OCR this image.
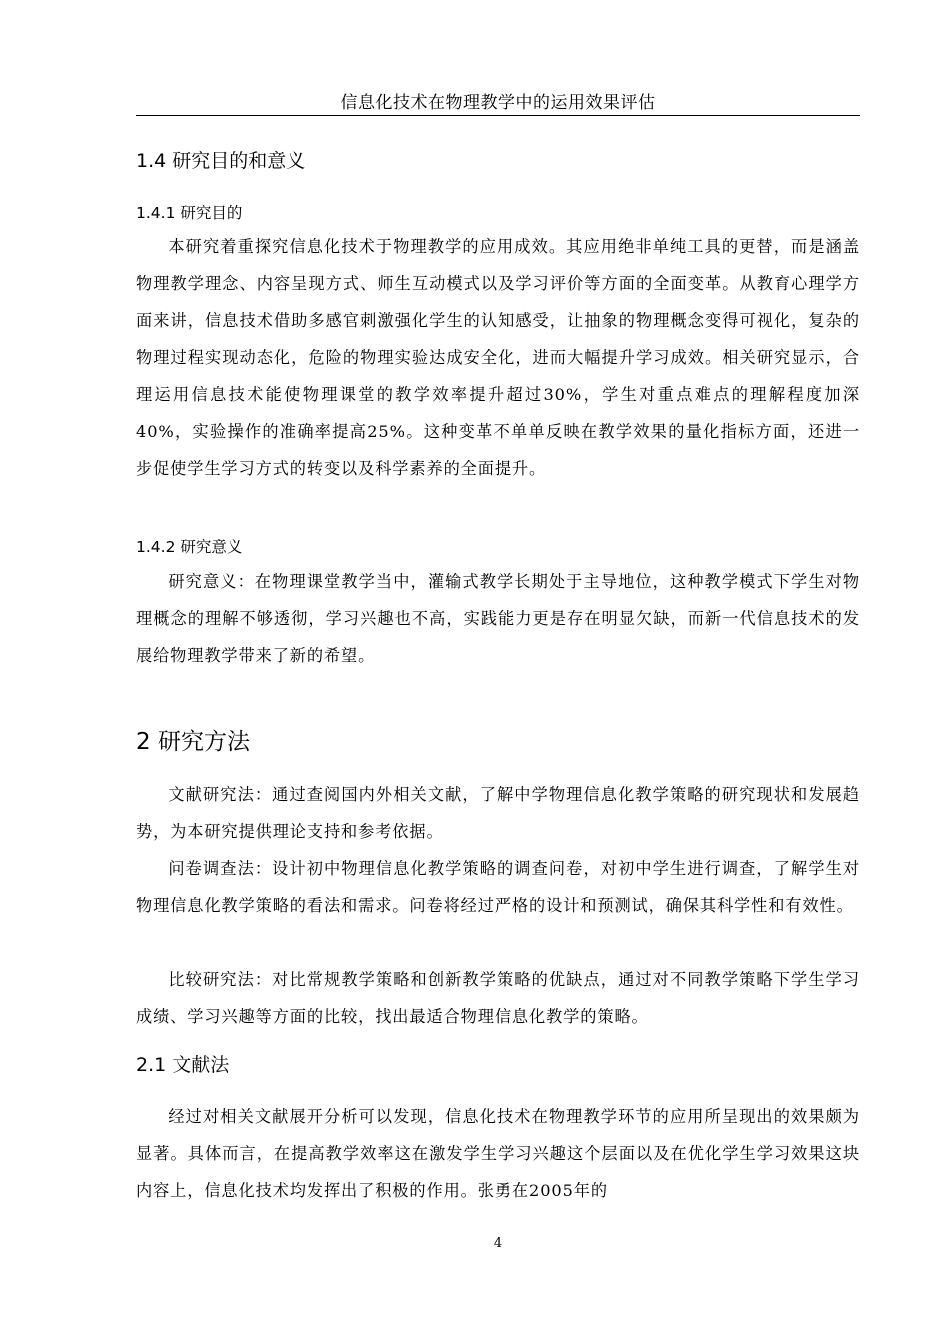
信息化技术在物理教学中的运用效果评估
1.4 研究目的和意义
1.4.1 研究目的

本研究着重探究信息化技术于物理教学的应用成效。其应用绝非单纯工具的更替，而是涵盖物理教学理念、内容呈现方式、师生互动模式以及学习评价等方面的全面变革。从教育心理学方面来讲，信息技术借助多感官刺激强化学生的认知感受，让抽象的物理概念变得可视化，复杂的物理过程实现动态化，危险的物理实验达成安全化，进而大幅提升学习成效。相关研究显示，合理运用信息技术能使物理课堂的教学效率提升超过30%，学生对重点难点的理解程度加深40%，实验操作的准确率提高25%。这种变革不单单反映在教学效果的量化指标方面，还进一步促使学生学习方式的转变以及科学素养的全面提升。

1.4.2 研究意义

研究意义：在物理课堂教学当中，灌输式教学长期处于主导地位，这种教学模式下学生对物理概念的理解不够透彻，学习兴趣也不高，实践能力更是存在明显欠缺，而新一代信息技术的发展给物理教学带来了新的希望。

2 研究方法

文献研究法：通过查阅国内外相关文献，了解中学物理信息化教学策略的研究现状和发展趋势，为本研究提供理论支持和参考依据。

问卷调查法：设计初中物理信息化教学策略的调查问卷，对初中学生进行调查，了解学生对物理信息化教学策略的看法和需求。问卷将经过严格的设计和预测试，确保其科学性和有效性。

比较研究法：对比常规教学策略和创新教学策略的优缺点，通过对不同教学策略下学生学习成绩、学习兴趣等方面的比较，找出最适合物理信息化教学的策略。

2.1 文献法

经过对相关文献展开分析可以发现，信息化技术在物理教学环节的应用所呈现出的效果颇为显著。具体而言，在提高教学效率这在激发学生学习兴趣这个层面以及在优化学生学习效果这块内容上，信息化技术均发挥出了积极的作用。张勇在2005年的

4
